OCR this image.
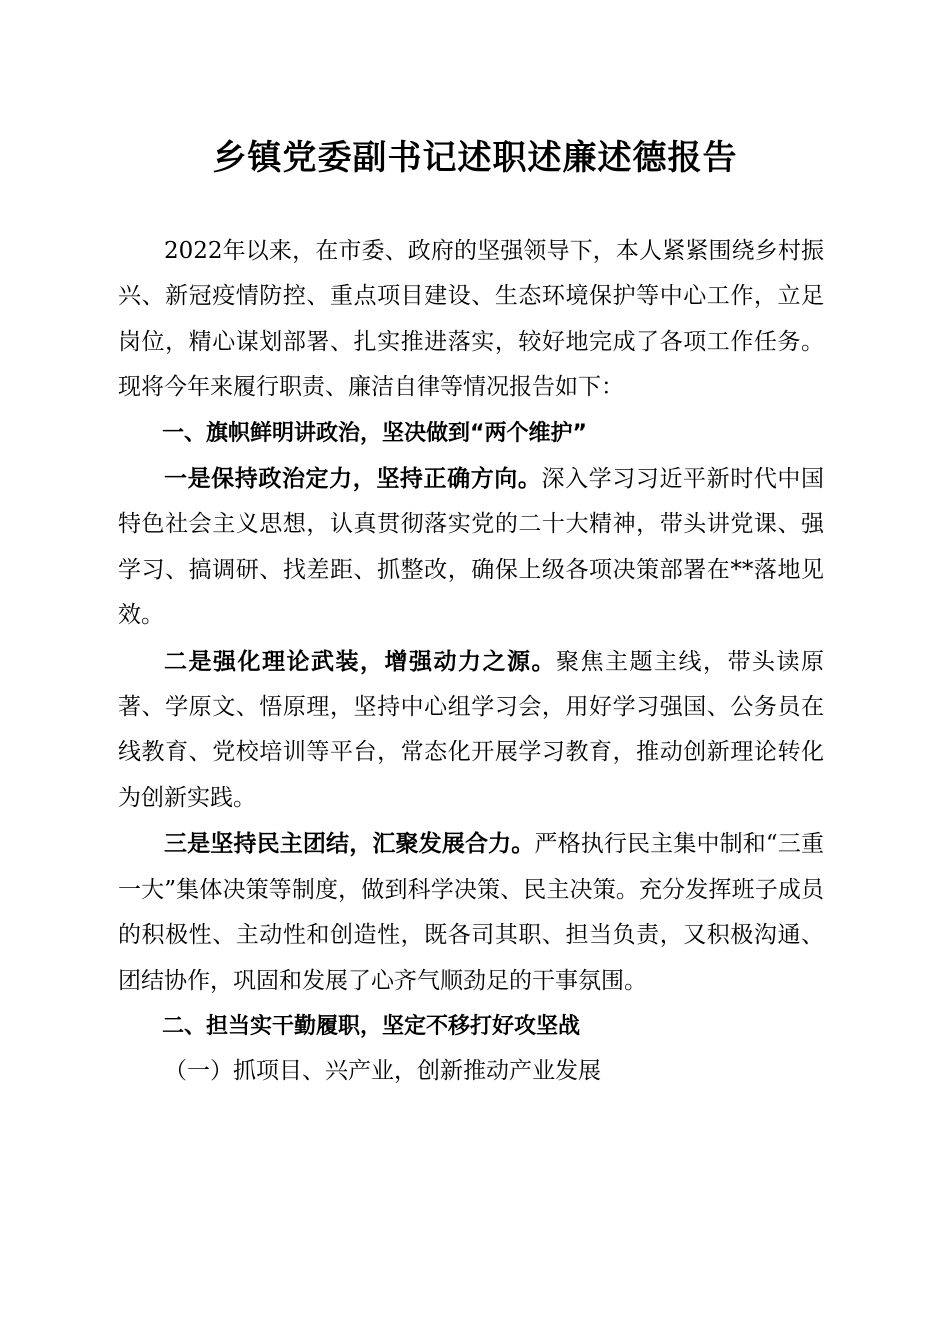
乡镇党委副书记述职述廉述德报告

2022年以来，在市委、政府的坚强领导下，本人紧紧围绕乡村振兴、新冠疫情防控、重点项目建设、生态环境保护等中心工作，立足岗位，精心谋划部署、扎实推进落实，较好地完成了各项工作任务。现将今年来履行职责、廉洁自律等情况报告如下：

一、旗帜鲜明讲政治，坚决做到“两个维护”

一是保持政治定力，坚持正确方向。深入学习习近平新时代中国特色社会主义思想，认真贯彻落实党的二十大精神，带头讲党课、强学习、搞调研、找差距、抓整改，确保上级各项决策部署在**落地见效。

二是强化理论武装，增强动力之源。聚焦主题主线，带头读原著、学原文、悟原理，坚持中心组学习会，用好学习强国、公务员在线教育、党校培训等平台，常态化开展学习教育，推动创新理论转化为创新实践。

三是坚持民主团结，汇聚发展合力。严格执行民主集中制和“三重一大”集体决策等制度，做到科学决策、民主决策。充分发挥班子成员的积极性、主动性和创造性，既各司其职、担当负责，又积极沟通、团结协作，巩固和发展了心齐气顺劲足的干事氛围。

二、担当实干勤履职，坚定不移打好攻坚战

（一）抓项目、兴产业，创新推动产业发展
